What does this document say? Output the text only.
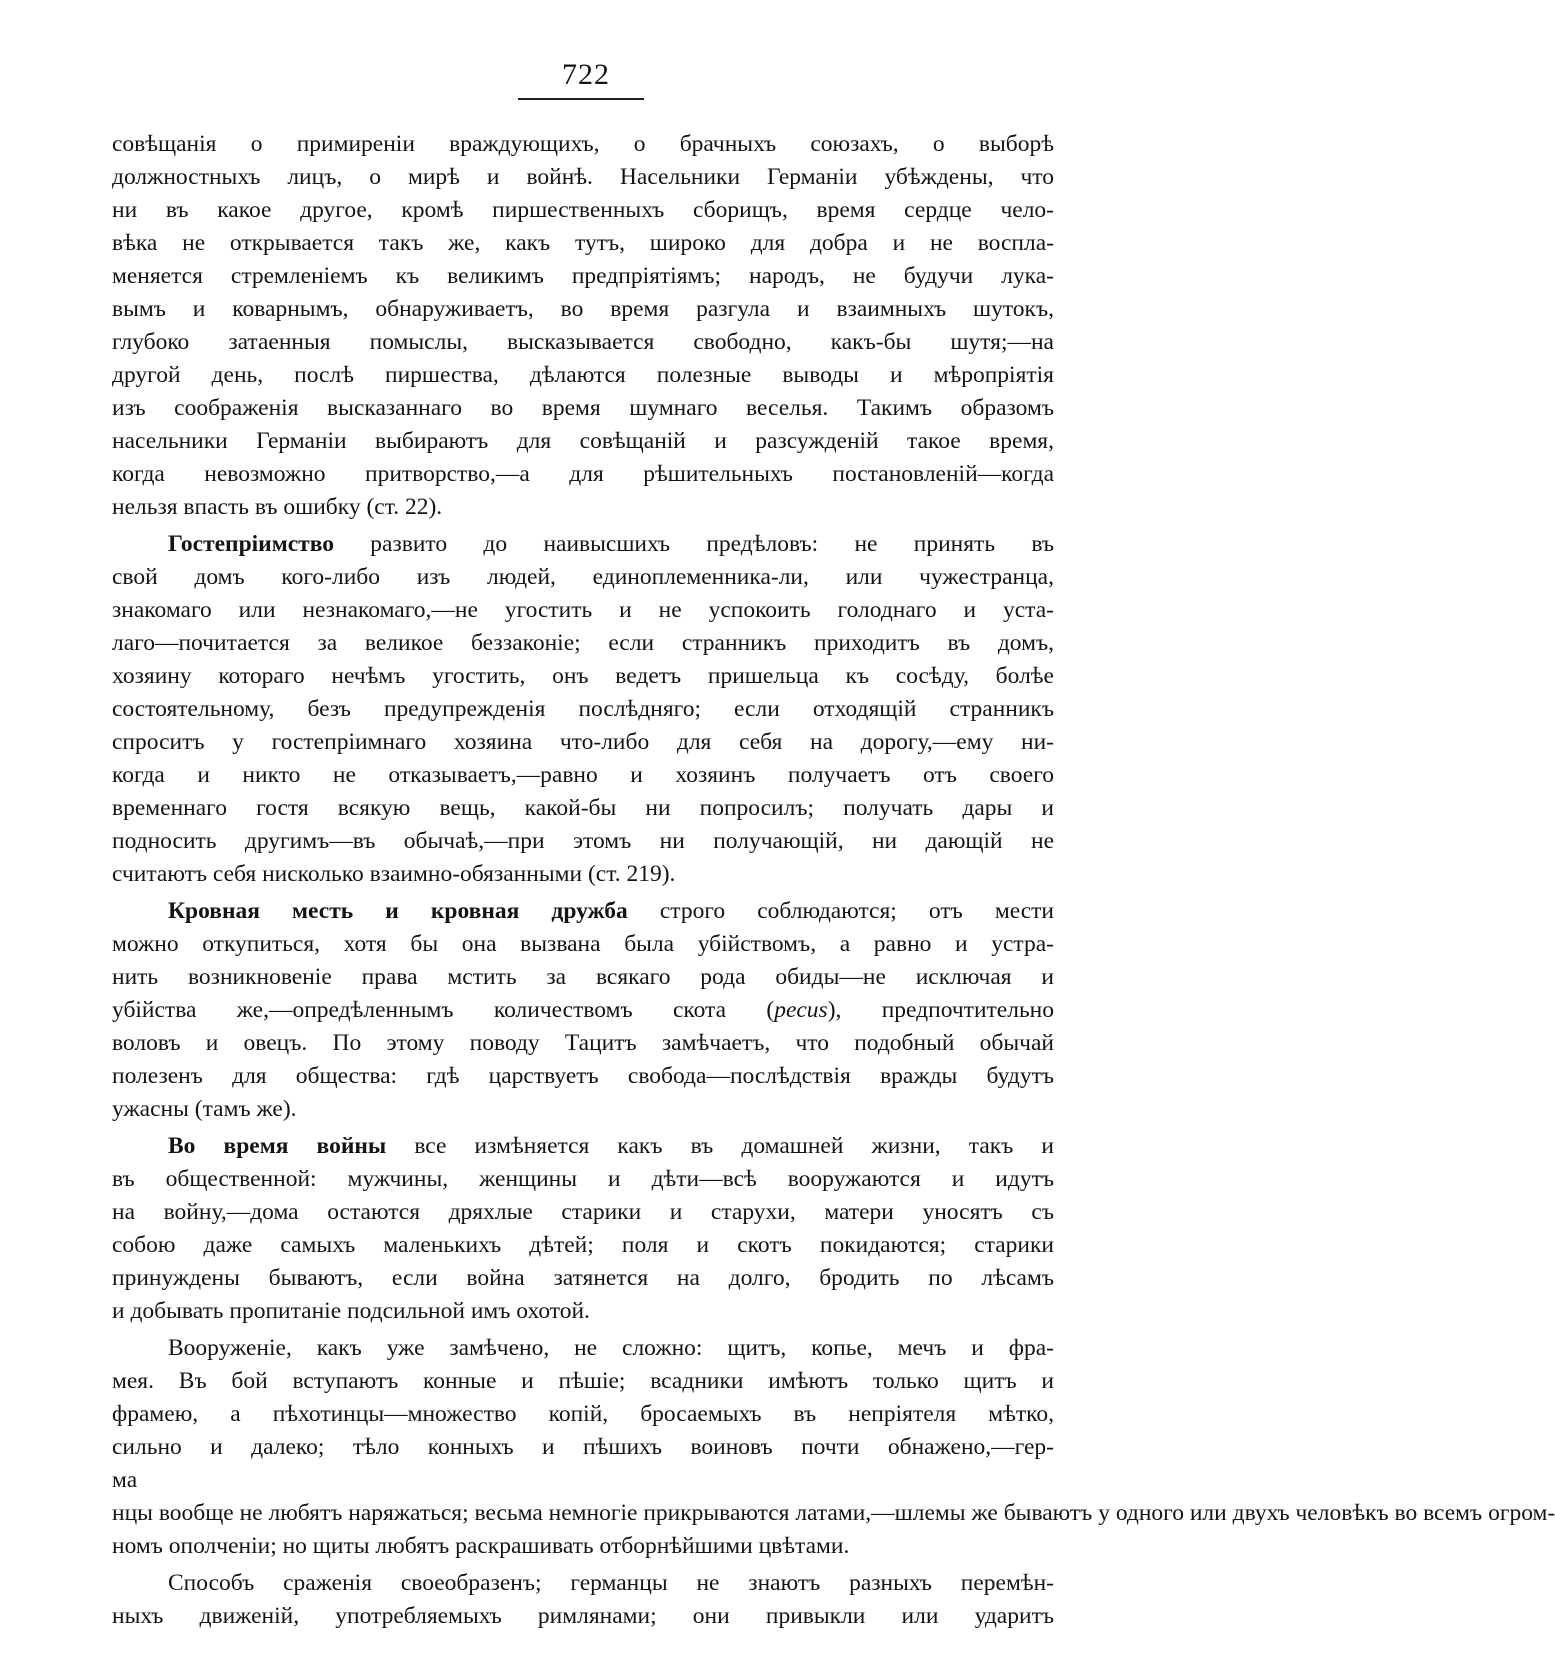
722
совѣщанія о примиреніи враждующихъ, о брачныхъ союзахъ, о выборѣ
должностныхъ лицъ, о мирѣ и войнѣ. Насельники Германіи убѣждены, что
ни въ какое другое, кромѣ пиршественныхъ сборищъ, время сердце чело-
вѣка не открывается такъ же, какъ тутъ, широко для добра и не воспла-
меняется стремленіемъ къ великимъ предпріятіямъ; народъ, не будучи лука-
вымъ и коварнымъ, обнаруживаетъ, во время разгула и взаимныхъ шутокъ,
глубоко затаенныя помыслы, высказывается свободно, какъ-бы шутя;—на
другой день, послѣ пиршества, дѣлаются полезные выводы и мѣропріятія
изъ соображенія высказаннаго во время шумнаго веселья. Такимъ образомъ
насельники Германіи выбираютъ для совѣщаній и разсужденій такое время,
когда невозможно притворство,—а для рѣшительныхъ постановленій—когда
нельзя впасть въ ошибку (ст. 22).
Гостепріимство развито до наивысшихъ предѣловъ: не принять въ
свой домъ кого-либо изъ людей, единоплеменника-ли, или чужестранца,
знакомаго или незнакомаго,—не угостить и не успокоить голоднаго и уста-
лаго—почитается за великое беззаконіе; если странникъ приходитъ въ домъ,
хозяину котораго нечѣмъ угостить, онъ ведетъ пришельца къ сосѣду, болѣе
состоятельному, безъ предупрежденія послѣдняго; если отходящій странникъ
спроситъ у гостепріимнаго хозяина что-либо для себя на дорогу,—ему ни-
когда и никто не отказываетъ,—равно и хозяинъ получаетъ отъ своего
временнаго гостя всякую вещь, какой-бы ни попросилъ; получать дары и
подносить другимъ—въ обычаѣ,—при этомъ ни получающій, ни дающій не
считаютъ себя нисколько взаимно-обязанными (ст. 219).
Кровная месть и кровная дружба строго соблюдаются; отъ мести
можно откупиться, хотя бы она вызвана была убійствомъ, а равно и устра-
нить возникновеніе права мстить за всякаго рода обиды—не исключая и
убійства же,—опредѣленнымъ количествомъ скота (pecus), предпочтительно
воловъ и овецъ. По этому поводу Тацитъ замѣчаетъ, что подобный обычай
полезенъ для общества: гдѣ царствуетъ свобода—послѣдствія вражды будутъ
ужасны (тамъ же).
Во время войны все измѣняется какъ въ домашней жизни, такъ и
въ общественной: мужчины, женщины и дѣти—всѣ вооружаются и идутъ
на войну,—дома остаются дряхлые старики и старухи, матери уносятъ съ
собою даже самыхъ маленькихъ дѣтей; поля и скотъ покидаются; старики
принуждены бываютъ, если война затянется на долго, бродить по лѣсамъ
и добывать пропитаніе подсильной имъ охотой.
Вооруженіе, какъ уже замѣчено, не сложно: щитъ, копье, мечъ и фра-
мея. Въ бой вступаютъ конные и пѣшіе; всадники имѣютъ только щитъ и
фрамею, а пѣхотинцы—множество копій, бросаемыхъ въ непріятеля мѣтко,
сильно и далеко; тѣло конныхъ и пѣшихъ воиновъ почти обнажено,—гер-
ма
нцы вообще не любятъ наряжаться; весьма немногіе прикрываются латами,—шлемы же бываютъ у одного или двухъ человѣкъ во всемъ огром-
номъ ополченіи; но щиты любятъ раскрашивать отборнѣйшими цвѣтами.
Способъ сраженія своеобразенъ; германцы не знаютъ разныхъ перемѣн-
ныхъ движеній, употребляемыхъ римлянами; они привыкли или ударитъ
